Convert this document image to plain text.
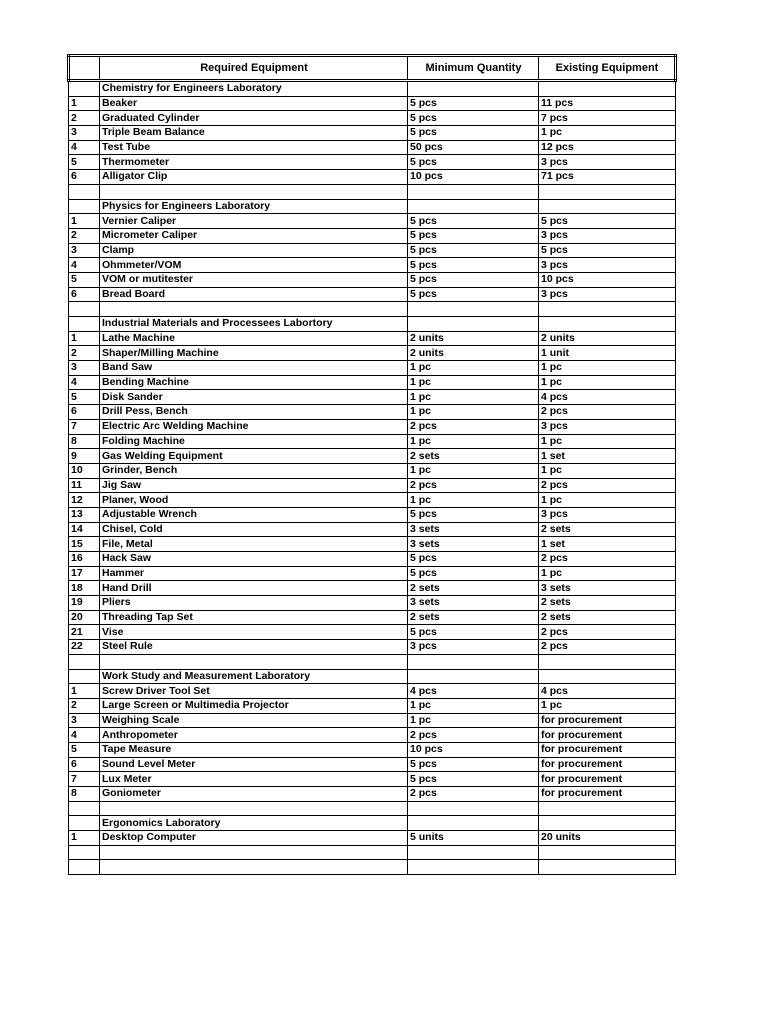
	Required Equipment	Minimum Quantity	Existing Equipment
	Chemistry for Engineers Laboratory		
1	Beaker	5 pcs	11 pcs
2	Graduated Cylinder	5 pcs	7 pcs
3	Triple Beam Balance	5 pcs	1 pc
4	Test Tube	50 pcs	12 pcs
5	Thermometer	5 pcs	3 pcs
6	Alligator Clip	10 pcs	71 pcs

	Physics for Engineers Laboratory		
1	Vernier Caliper	5 pcs	5 pcs
2	Micrometer Caliper	5 pcs	3 pcs
3	Clamp	5 pcs	5 pcs
4	Ohmmeter/VOM	5 pcs	3 pcs
5	VOM or mutitester	5 pcs	10 pcs
6	Bread Board	5 pcs	3 pcs

	Industrial Materials and Processees Labortory		
1	Lathe Machine	2 units	2 units
2	Shaper/Milling Machine	2 units	1 unit
3	Band Saw	1 pc	1 pc
4	Bending Machine	1 pc	1 pc
5	Disk Sander	1 pc	4 pcs
6	Drill Pess, Bench	1 pc	2 pcs
7	Electric Arc Welding Machine	2 pcs	3 pcs
8	Folding Machine	1 pc	1 pc
9	Gas Welding Equipment	2 sets	1 set
10	Grinder, Bench	1 pc	1 pc
11	Jig Saw	2 pcs	2 pcs
12	Planer, Wood	1 pc	1 pc
13	Adjustable Wrench	5 pcs	3 pcs
14	Chisel, Cold	3 sets	2 sets
15	File, Metal	3 sets	1 set
16	Hack Saw	5 pcs	2 pcs
17	Hammer	5 pcs	1 pc
18	Hand Drill	2 sets	3 sets
19	Pliers	3 sets	2 sets
20	Threading Tap Set	2 sets	2 sets
21	Vise	5 pcs	2 pcs
22	Steel Rule	3 pcs	2 pcs

	Work Study and Measurement Laboratory		
1	Screw Driver Tool Set	4 pcs	4 pcs
2	Large Screen or Multimedia Projector	1 pc	1 pc
3	Weighing Scale	1 pc	for procurement
4	Anthropometer	2 pcs	for procurement
5	Tape Measure	10 pcs	for procurement
6	Sound Level Meter	5 pcs	for procurement
7	Lux Meter	5 pcs	for procurement
8	Goniometer	2 pcs	for procurement

	Ergonomics Laboratory		
1	Desktop Computer	5 units	20 units
